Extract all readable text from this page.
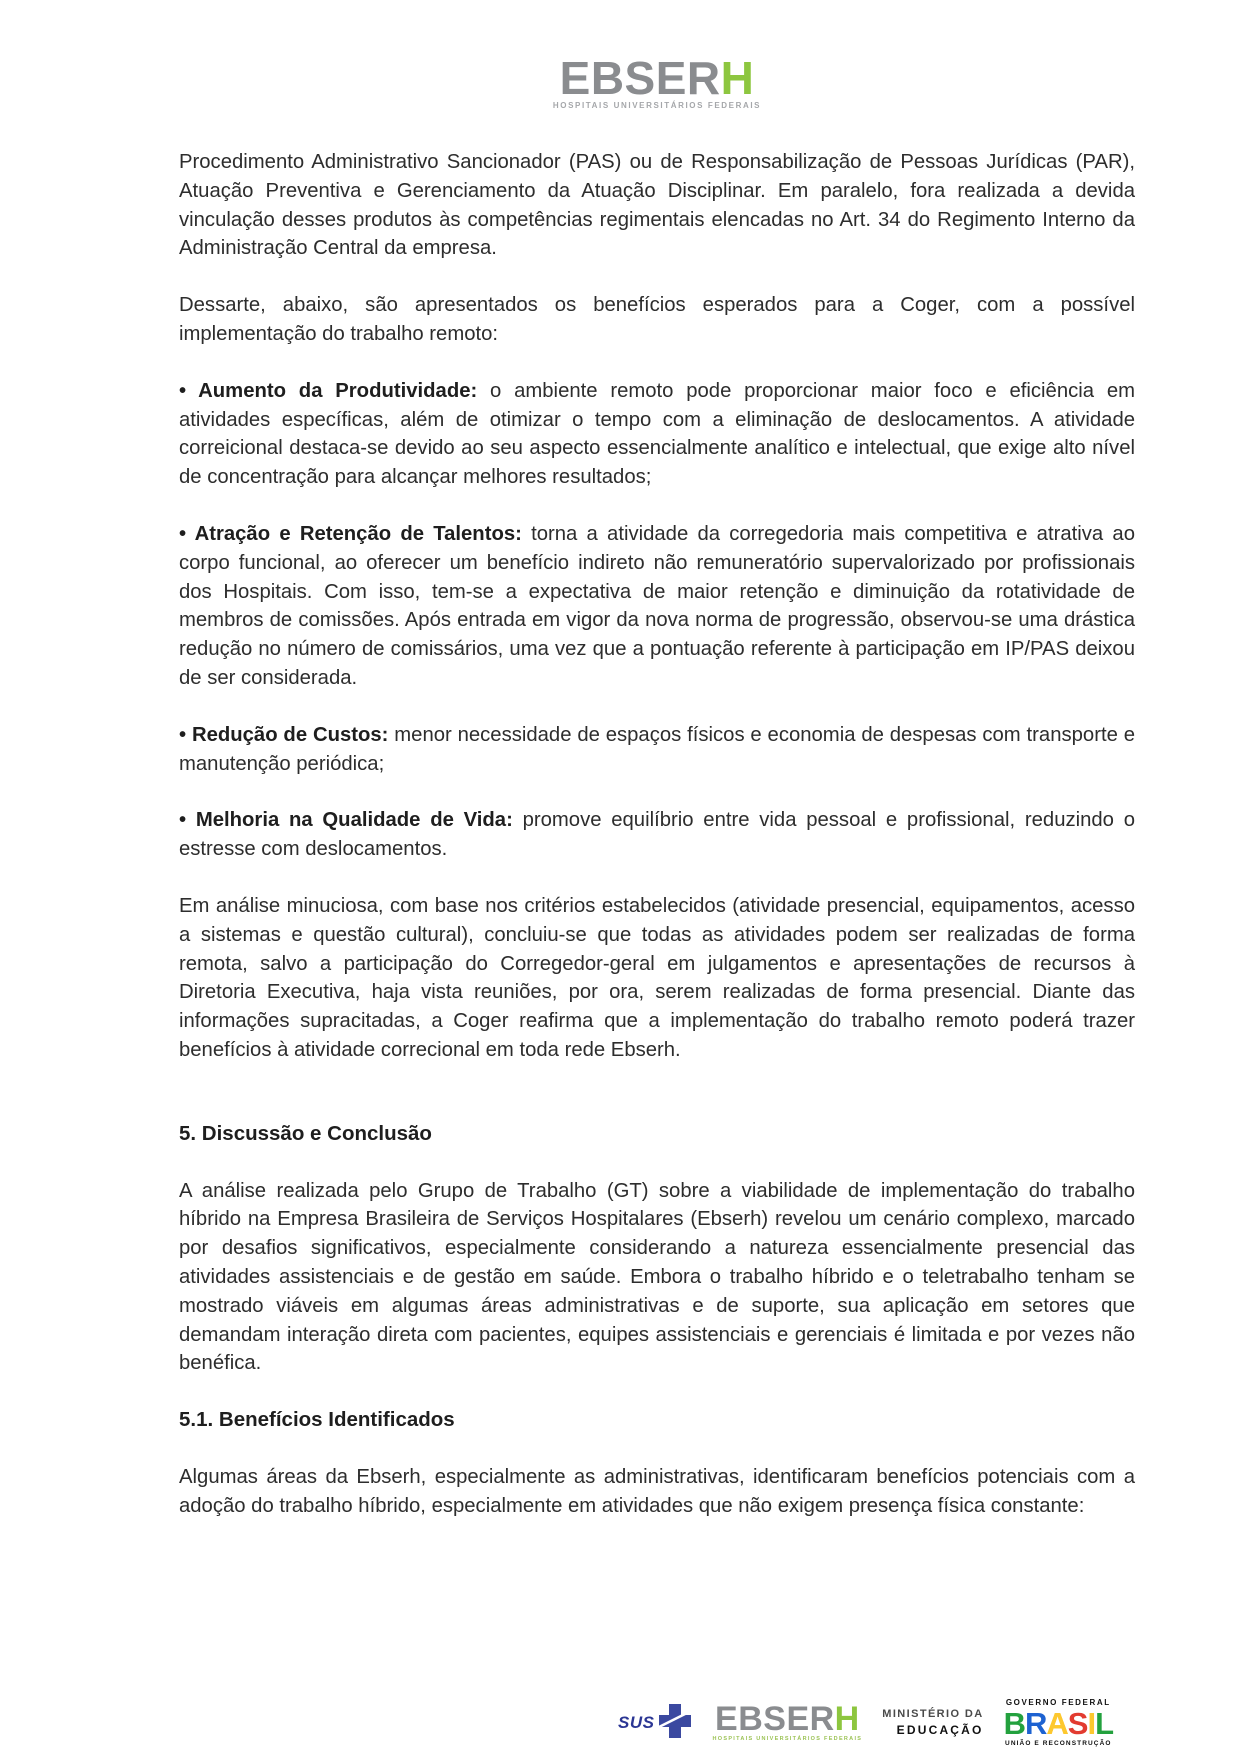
EBSERH
HOSPITAIS UNIVERSITÁRIOS FEDERAIS

Procedimento Administrativo Sancionador (PAS) ou de Responsabilização de Pessoas Jurídicas (PAR), Atuação Preventiva e Gerenciamento da Atuação Disciplinar. Em paralelo, fora realizada a devida vinculação desses produtos às competências regimentais elencadas no Art. 34 do Regimento Interno da Administração Central da empresa.

Dessarte, abaixo, são apresentados os benefícios esperados para a Coger, com a possível implementação do trabalho remoto:

• Aumento da Produtividade: o ambiente remoto pode proporcionar maior foco e eficiência em atividades específicas, além de otimizar o tempo com a eliminação de deslocamentos. A atividade correicional destaca-se devido ao seu aspecto essencialmente analítico e intelectual, que exige alto nível de concentração para alcançar melhores resultados;

• Atração e Retenção de Talentos: torna a atividade da corregedoria mais competitiva e atrativa ao corpo funcional, ao oferecer um benefício indireto não remuneratório supervalorizado por profissionais dos Hospitais. Com isso, tem-se a expectativa de maior retenção e diminuição da rotatividade de membros de comissões. Após entrada em vigor da nova norma de progressão, observou-se uma drástica redução no número de comissários, uma vez que a pontuação referente à participação em IP/PAS deixou de ser considerada.

• Redução de Custos: menor necessidade de espaços físicos e economia de despesas com transporte e manutenção periódica;

• Melhoria na Qualidade de Vida: promove equilíbrio entre vida pessoal e profissional, reduzindo o estresse com deslocamentos.

Em análise minuciosa, com base nos critérios estabelecidos (atividade presencial, equipamentos, acesso a sistemas e questão cultural), concluiu-se que todas as atividades podem ser realizadas de forma remota, salvo a participação do Corregedor-geral em julgamentos e apresentações de recursos à Diretoria Executiva, haja vista reuniões, por ora, serem realizadas de forma presencial. Diante das informações supracitadas, a Coger reafirma que a implementação do trabalho remoto poderá trazer benefícios à atividade correcional em toda rede Ebserh.

5. Discussão e Conclusão

A análise realizada pelo Grupo de Trabalho (GT) sobre a viabilidade de implementação do trabalho híbrido na Empresa Brasileira de Serviços Hospitalares (Ebserh) revelou um cenário complexo, marcado por desafios significativos, especialmente considerando a natureza essencialmente presencial das atividades assistenciais e de gestão em saúde. Embora o trabalho híbrido e o teletrabalho tenham se mostrado viáveis em algumas áreas administrativas e de suporte, sua aplicação em setores que demandam interação direta com pacientes, equipes assistenciais e gerenciais é limitada e por vezes não benéfica.

5.1. Benefícios Identificados

Algumas áreas da Ebserh, especialmente as administrativas, identificaram benefícios potenciais com a adoção do trabalho híbrido, especialmente em atividades que não exigem presença física constante:

SUS EBSERH
HOSPITAIS UNIVERSITÁRIOS FEDERAIS
MINISTÉRIO DA
EDUCAÇÃO
GOVERNO FEDERAL
BRASIL
UNIÃO E RECONSTRUÇÃO
